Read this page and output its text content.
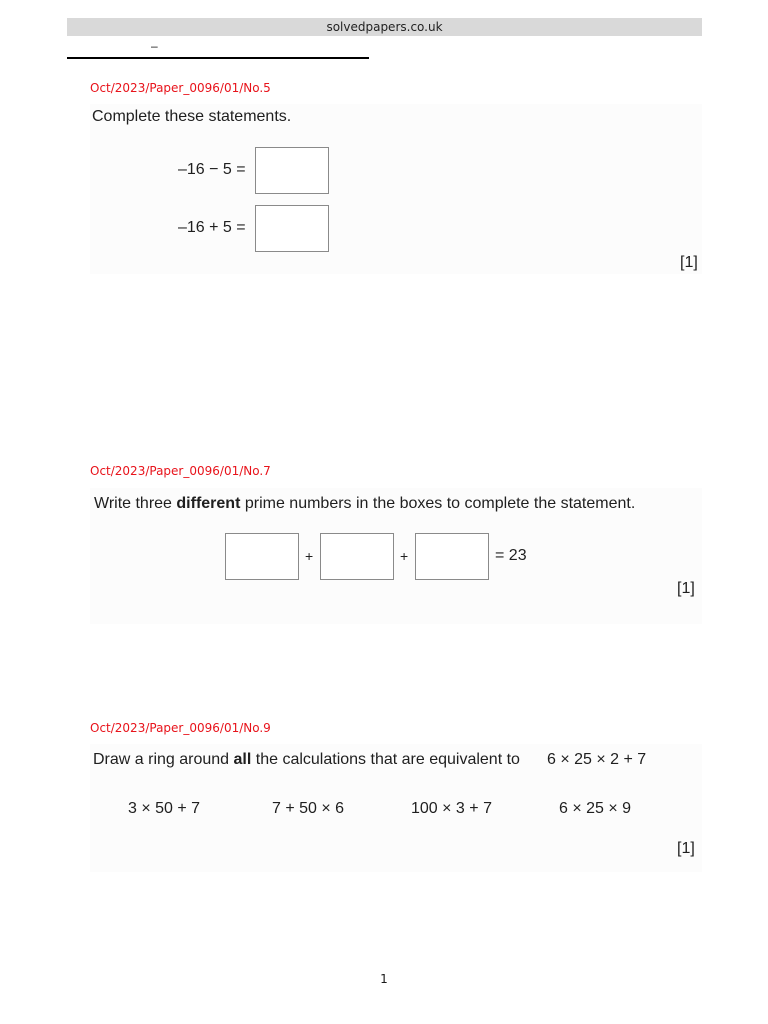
solvedpapers.co.uk
–
Oct/2023/Paper_0096/01/No.5
Complete these statements.
–16 − 5 =
–16 + 5 =
[1]
Oct/2023/Paper_0096/01/No.7
Write three different prime numbers in the boxes to complete the statement.
+	+	= 23
[1]
Oct/2023/Paper_0096/01/No.9
Draw a ring around all the calculations that are equivalent to 6 × 25 × 2 + 7
3 × 50 + 7	7 + 50 × 6	100 × 3 + 7	6 × 25 × 9
[1]
1
